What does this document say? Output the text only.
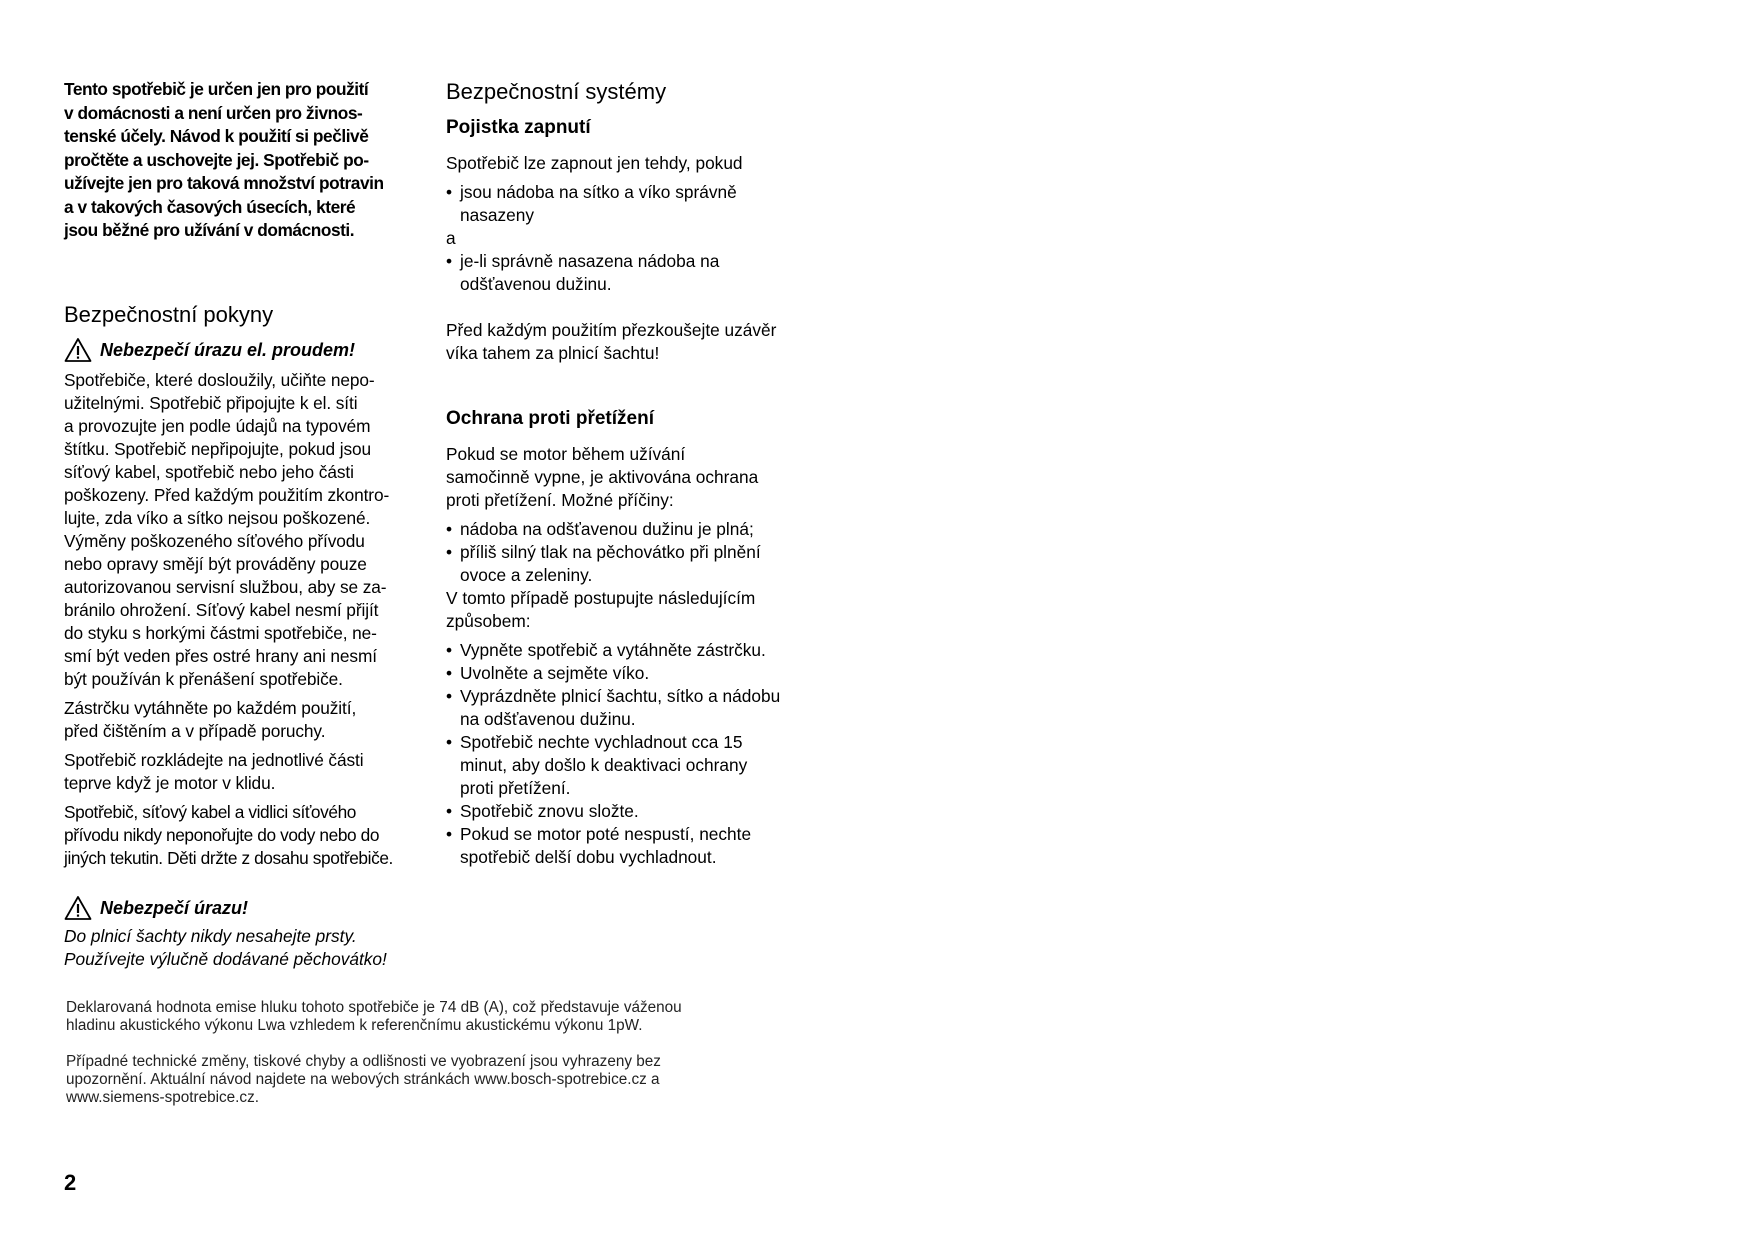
Tento spotřebič je určen jen pro použití

v domácnosti a není určen pro živnos-

tenské účely. Návod k použití si pečlivě

pročtěte a uschovejte jej. Spotřebič po-

užívejte jen pro taková množství potravin

a v takových časových úsecích, které

jsou běžné pro užívání v domácnosti.

Bezpečnostní pokyny
Nebezpečí úrazu el. proudem!

Spotřebiče, které dosloužily, učiňte nepo-
užitelnými. Spotřebič připojujte k el. síti
a provozujte jen podle údajů na typovém
štítku. Spotřebič nepřipojujte, pokud jsou
síťový kabel, spotřebič nebo jeho části
poškozeny. Před každým použitím zkontro-
lujte, zda víko a sítko nejsou poškozené.
Výměny poškozeného síťového přívodu
nebo opravy smějí být prováděny pouze
autorizovanou servisní službou, aby se za-
bránilo ohrožení. Síťový kabel nesmí přijít
do styku s horkými částmi spotřebiče, ne-
smí být veden přes ostré hrany ani nesmí
být používán k přenášení spotřebiče.

Zástrčku vytáhněte po každém použití,
před čištěním a v případě poruchy.

Spotřebič rozkládejte na jednotlivé části
teprve když je motor v klidu.

Spotřebič, síťový kabel a vidlici síťového
přívodu nikdy neponořujte do vody nebo do
jiných tekutin. Děti držte z dosahu spotřebiče.

Nebezpečí úrazu!

Do plnicí šachty nikdy nesahejte prsty.

Používejte výlučně dodávané pěchovátko!

Bezpečnostní systémy
Pojistka zapnutí

Spotřebič lze zapnout jen tehdy, pokud

• jsou nádoba na sítko a víko správně
nasazeny

a

• je-li správně nasazena nádoba na
odšťavenou dužinu.

Před každým použitím přezkoušejte uzávěr
víka tahem za plnicí šachtu!

Ochrana proti přetížení

Pokud se motor během užívání
samočinně vypne, je aktivována ochrana
proti přetížení. Možné příčiny:

• nádoba na odšťavenou dužinu je plná;
• příliš silný tlak na pěchovátko při plnění
ovoce a zeleniny.

V tomto případě postupujte následujícím
způsobem:

• Vypněte spotřebič a vytáhněte zástrčku.
• Uvolněte a sejměte víko.
• Vyprázdněte plnicí šachtu, sítko a nádobu
na odšťavenou dužinu.
• Spotřebič nechte vychladnout cca 15
minut, aby došlo k deaktivaci ochrany
proti přetížení.
• Spotřebič znovu složte.
• Pokud se motor poté nespustí, nechte
spotřebič delší dobu vychladnout.

Deklarovaná hodnota emise hluku tohoto spotřebiče je 74 dB (A), což představuje váženou
hladinu akustického výkonu Lwa vzhledem k referenčnímu akustickému výkonu 1pW.

Případné technické změny, tiskové chyby a odlišnosti ve vyobrazení jsou vyhrazeny bez
upozornění. Aktuální návod najdete na webových stránkách www.bosch-spotrebice.cz a
www.siemens-spotrebice.cz.

2
